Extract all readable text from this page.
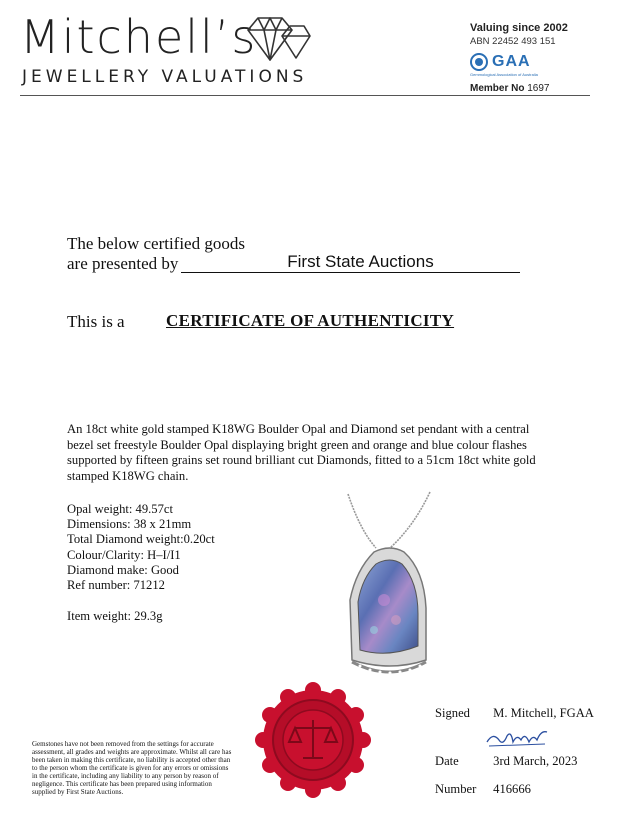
Mitchell’s
JEWELLERY VALUATIONS
Valuing since 2002
ABN 22452 493 151
GAA
Gemmological Association of Australia
Member No 1697
The below certified goods
are presented by	First State Auctions
This is a CERTIFICATE OF AUTHENTICITY
An 18ct white gold stamped K18WG Boulder Opal and Diamond set pendant with a central bezel set freestyle Boulder Opal displaying bright green and orange and blue colour flashes supported by fifteen grains set round brilliant cut Diamonds, fitted to a 51cm 18ct white gold stamped K18WG chain.
Opal weight: 49.57ct
Dimensions: 38 x 21mm
Total Diamond weight:0.20ct
Colour/Clarity: H–I/I1
Diamond make: Good
Ref number: 71212
Item weight: 29.3g
Gemstones have not been removed from the settings for accurate assessment, all grades and weights are approximate. Whilst all care has been taken in making this certificate, no liability is accepted other than to the person whom the certificate is given for any errors or omissions in the certificate, including any liability to any person by reason of negligence. This certificate has been prepared using information supplied by First State Auctions.
Signed M. Mitchell, FGAA
Date	3rd March, 2023
Number 416666
